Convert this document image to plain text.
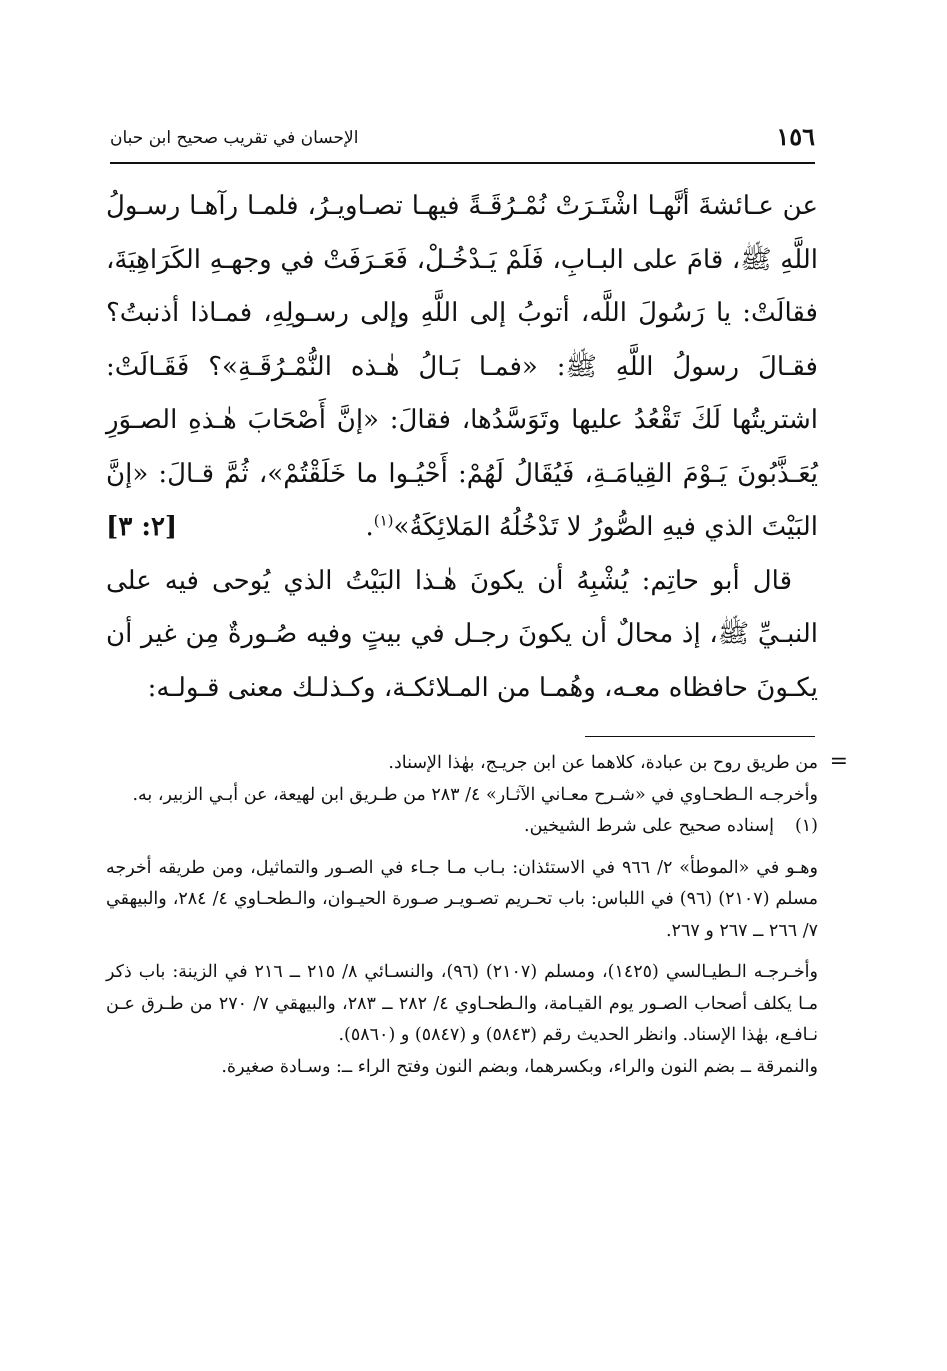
١٥٦
الإحسان في تقريب صحيح ابن حبان

عن عـائشةَ أنَّهـا اشْتَـرَتْ نُمْـرُقَـةً فيهـا تصـاويـرُ، فلمـا رآهـا رسـولُ اللَّهِ ﷺ، قامَ على البـابِ، فَلَمْ يَـدْخُـلْ، فَعَـرَفَتْ في وجهـهِ الكَرَاهِيَةَ، فقالَتْ: يا رَسُولَ اللَّه، أتوبُ إلى اللَّهِ وإلى رسـولِهِ، فمـاذا أذنبتُ؟ فقـالَ رسولُ اللَّهِ ﷺ: «فمـا بَـالُ هٰـذه النُّمْـرُقَـةِ»؟ فَقَـالَتْ: اشتريتُها لَكَ تَقْعُدُ عليها وتَوَسَّدُها، فقالَ: «إنَّ أَصْحَابَ هٰـذهِ الصـوَرِ يُعَـذَّبُونَ يَـوْمَ القِيامَـةِ، فَيُقَالُ لَهُمْ: أَحْيُـوا ما خَلَقْتُمْ»، ثُمَّ قـالَ: «إنَّ البَيْتَ الذي فيهِ الصُّورُ لا تَدْخُلُهُ المَلائِكَةُ»$^{(١)}$.
[٢: ٣]

قال أبو حاتِم: يُشْبِهُ أن يكونَ هٰـذا البَيْتُ الذي يُوحى فيه على النبـيِّ ﷺ، إذ محالٌ أن يكونَ رجـل في بيتٍ وفيه صُـورةٌ مِن غير أن يكـونَ حافظاه معـه، وهُمـا من المـلائكـة، وكـذلـك معنى قـولـه:

=

من طريق روح بن عبادة، كلاهما عن ابن جريـج، بهٰذا الإسناد.

وأخرجـه الـطحـاوي في «شـرح معـاني الآثـار» ٤/ ٢٨٣ من طـريق ابن لهيعة، عن أبـي الزبير، به.

(١)إسناده صحيح على شرط الشيخين.

وهـو في «الموطأ» ٢/ ٩٦٦ في الاستئذان: بـاب مـا جـاء في الصـور والتماثيل، ومن طريقه أخرجه مسلم (٢١٠٧) (٩٦) في اللباس: باب تحـريم تصـويـر صـورة الحيـوان، والـطحـاوي ٤/ ٢٨٤، والبيهقي ٧/ ٢٦٦ ــ ٢٦٧ و ٢٦٧.

وأخـرجـه الـطيـالسي (١٤٢٥)، ومسلم (٢١٠٧) (٩٦)، والنسـائي ٨/ ٢١٥ ــ ٢١٦ في الزينة: باب ذكر مـا يكلف أصحاب الصـور يوم القيـامة، والـطحـاوي ٤/ ٢٨٢ ــ ٢٨٣، والبيهقي ٧/ ٢٧٠ من طـرق عـن نـافـع، بهٰذا الإسناد. وانظر الحديث رقم (٥٨٤٣) و (٥٨٤٧) و (٥٨٦٠).

والنمرقة ــ بضم النون والراء، وبكسرهما، وبضم النون وفتح الراء ــ: وسـادة صغيرة.
